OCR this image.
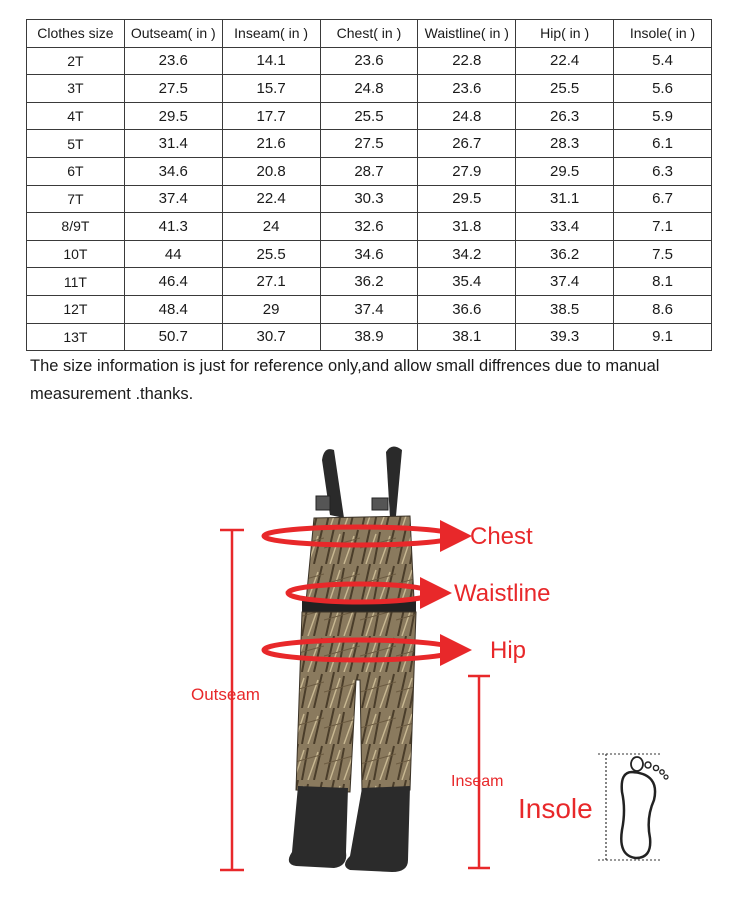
Clothes size	Outseam( in )	Inseam( in )	Chest( in )	Waistline( in )	Hip( in )	Insole( in )
2T	23.6	14.1	23.6	22.8	22.4	5.4
3T	27.5	15.7	24.8	23.6	25.5	5.6
4T	29.5	17.7	25.5	24.8	26.3	5.9
5T	31.4	21.6	27.5	26.7	28.3	6.1
6T	34.6	20.8	28.7	27.9	29.5	6.3
7T	37.4	22.4	30.3	29.5	31.1	6.7
8/9T	41.3	24	32.6	31.8	33.4	7.1
10T	44	25.5	34.6	34.2	36.2	7.5
11T	46.4	27.1	36.2	35.4	37.4	8.1
12T	48.4	29	37.4	36.6	38.5	8.6
13T	50.7	30.7	38.9	38.1	39.3	9.1
The size information is just for reference only,and allow small diffrences due to manual
measurement .thanks.
Chest
Waistline
Hip
Outseam
Inseam
Insole
